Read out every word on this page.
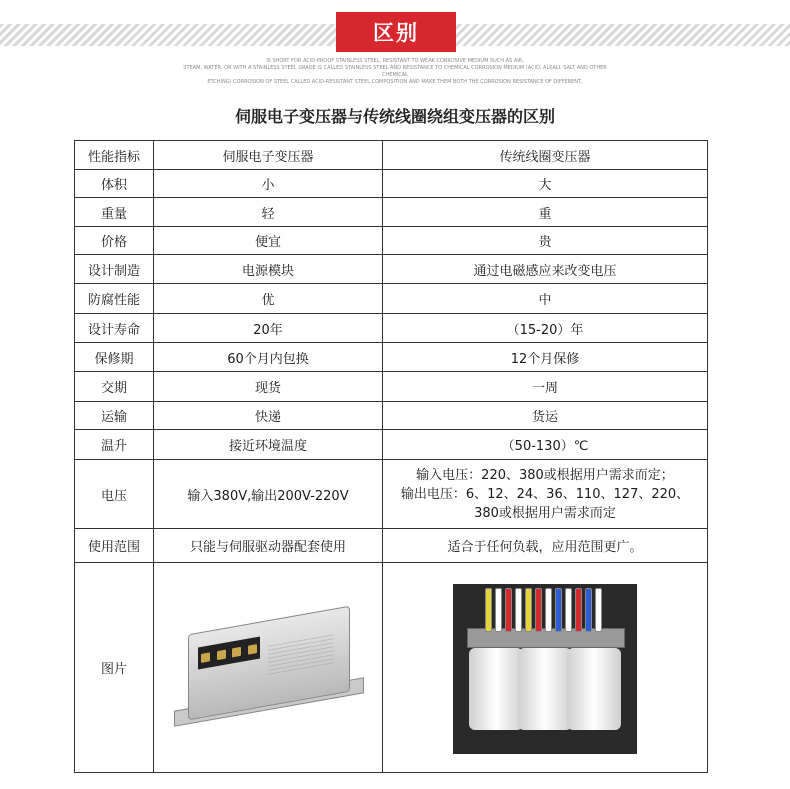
区别
IS SHORT FOR ACID-PROOF STAINLESS STEEL, RESISTANT TO WEAK CORROSIVE MEDIUM SUCH AS AIR,
STEAM, WATER, OR WITH A STAINLESS STEEL GRADE IS CALLED STAINLESS STEEL AND RESISTANCE TO CHEMICAL CORROSION MEDIUM (ACID, ALKALI, SALT AND OTHER CHEMICAL
ETCHING) CORROSION OF STEEL CALLED ACID-RESISTANT STEEL.COMPOSITION AND MAKE THEM BOTH THE CORROSION RESISTANCE OF DIFFERENT,
伺服电子变压器与传统线圈绕组变压器的区别
性能指标	伺服电子变压器	传统线圈变压器
体积	小	大
重量	轻	重
价格	便宜	贵
设计制造	电源模块	通过电磁感应来改变电压
防腐性能	优	中
设计寿命	20年	（15-20）年
保修期	60个月内包换	12个月保修
交期	现货	一周
运输	快递	货运
温升	接近环境温度	（50-130）℃
电压	输入380V,输出200V-220V	输入电压：220、380或根据用户需求而定；
输出电压：6、12、24、36、110、127、220、
380或根据用户需求而定

使用范围	只能与伺服驱动器配套使用	适合于任何负载，应用范围更广。
图片	
